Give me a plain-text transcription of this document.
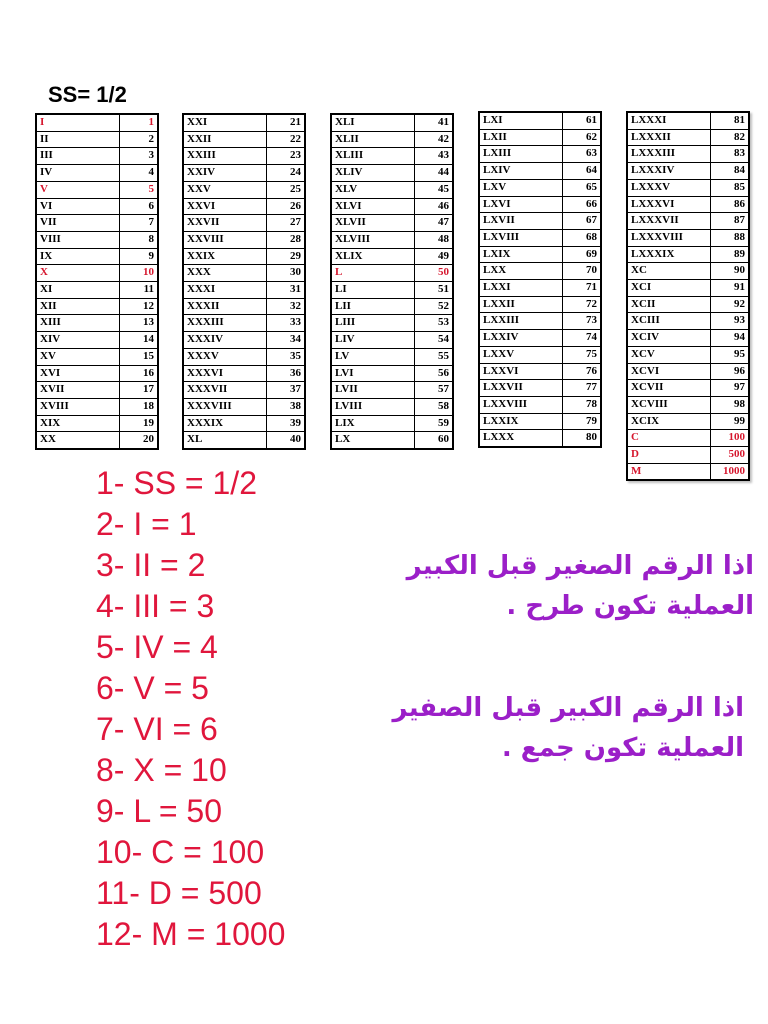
SS= 1/2
I	1
II	2
III	3
IV	4
V	5
VI	6
VII	7
VIII	8
IX	9
X	10
XI	11
XII	12
XIII	13
XIV	14
XV	15
XVI	16
XVII	17
XVIII	18
XIX	19
XX	20
XXI	21
XXII	22
XXIII	23
XXIV	24
XXV	25
XXVI	26
XXVII	27
XXVIII	28
XXIX	29
XXX	30
XXXI	31
XXXII	32
XXXIII	33
XXXIV	34
XXXV	35
XXXVI	36
XXXVII	37
XXXVIII	38
XXXIX	39
XL	40
XLI	41
XLII	42
XLIII	43
XLIV	44
XLV	45
XLVI	46
XLVII	47
XLVIII	48
XLIX	49
L	50
LI	51
LII	52
LIII	53
LIV	54
LV	55
LVI	56
LVII	57
LVIII	58
LIX	59
LX	60
LXI	61
LXII	62
LXIII	63
LXIV	64
LXV	65
LXVI	66
LXVII	67
LXVIII	68
LXIX	69
LXX	70
LXXI	71
LXXII	72
LXXIII	73
LXXIV	74
LXXV	75
LXXVI	76
LXXVII	77
LXXVIII	78
LXXIX	79
LXXX	80
LXXXI	81
LXXXII	82
LXXXIII	83
LXXXIV	84
LXXXV	85
LXXXVI	86
LXXXVII	87
LXXXVIII	88
LXXXIX	89
XC	90
XCI	91
XCII	92
XCIII	93
XCIV	94
XCV	95
XCVI	96
XCVII	97
XCVIII	98
XCIX	99
C	100
D	500
M	1000
1- SS = 1/2
2- I = 1
3- II = 2
4- III = 3
5- IV = 4
6- V = 5
7- VI = 6
8- X = 10
9- L = 50
10- C = 100
11- D = 500
12- M = 1000
اذا الرقم الصغير قبل الكبير
العملية تكون طرح .
اذا الرقم الكبير قبل الصفير
العملية تكون جمع .
